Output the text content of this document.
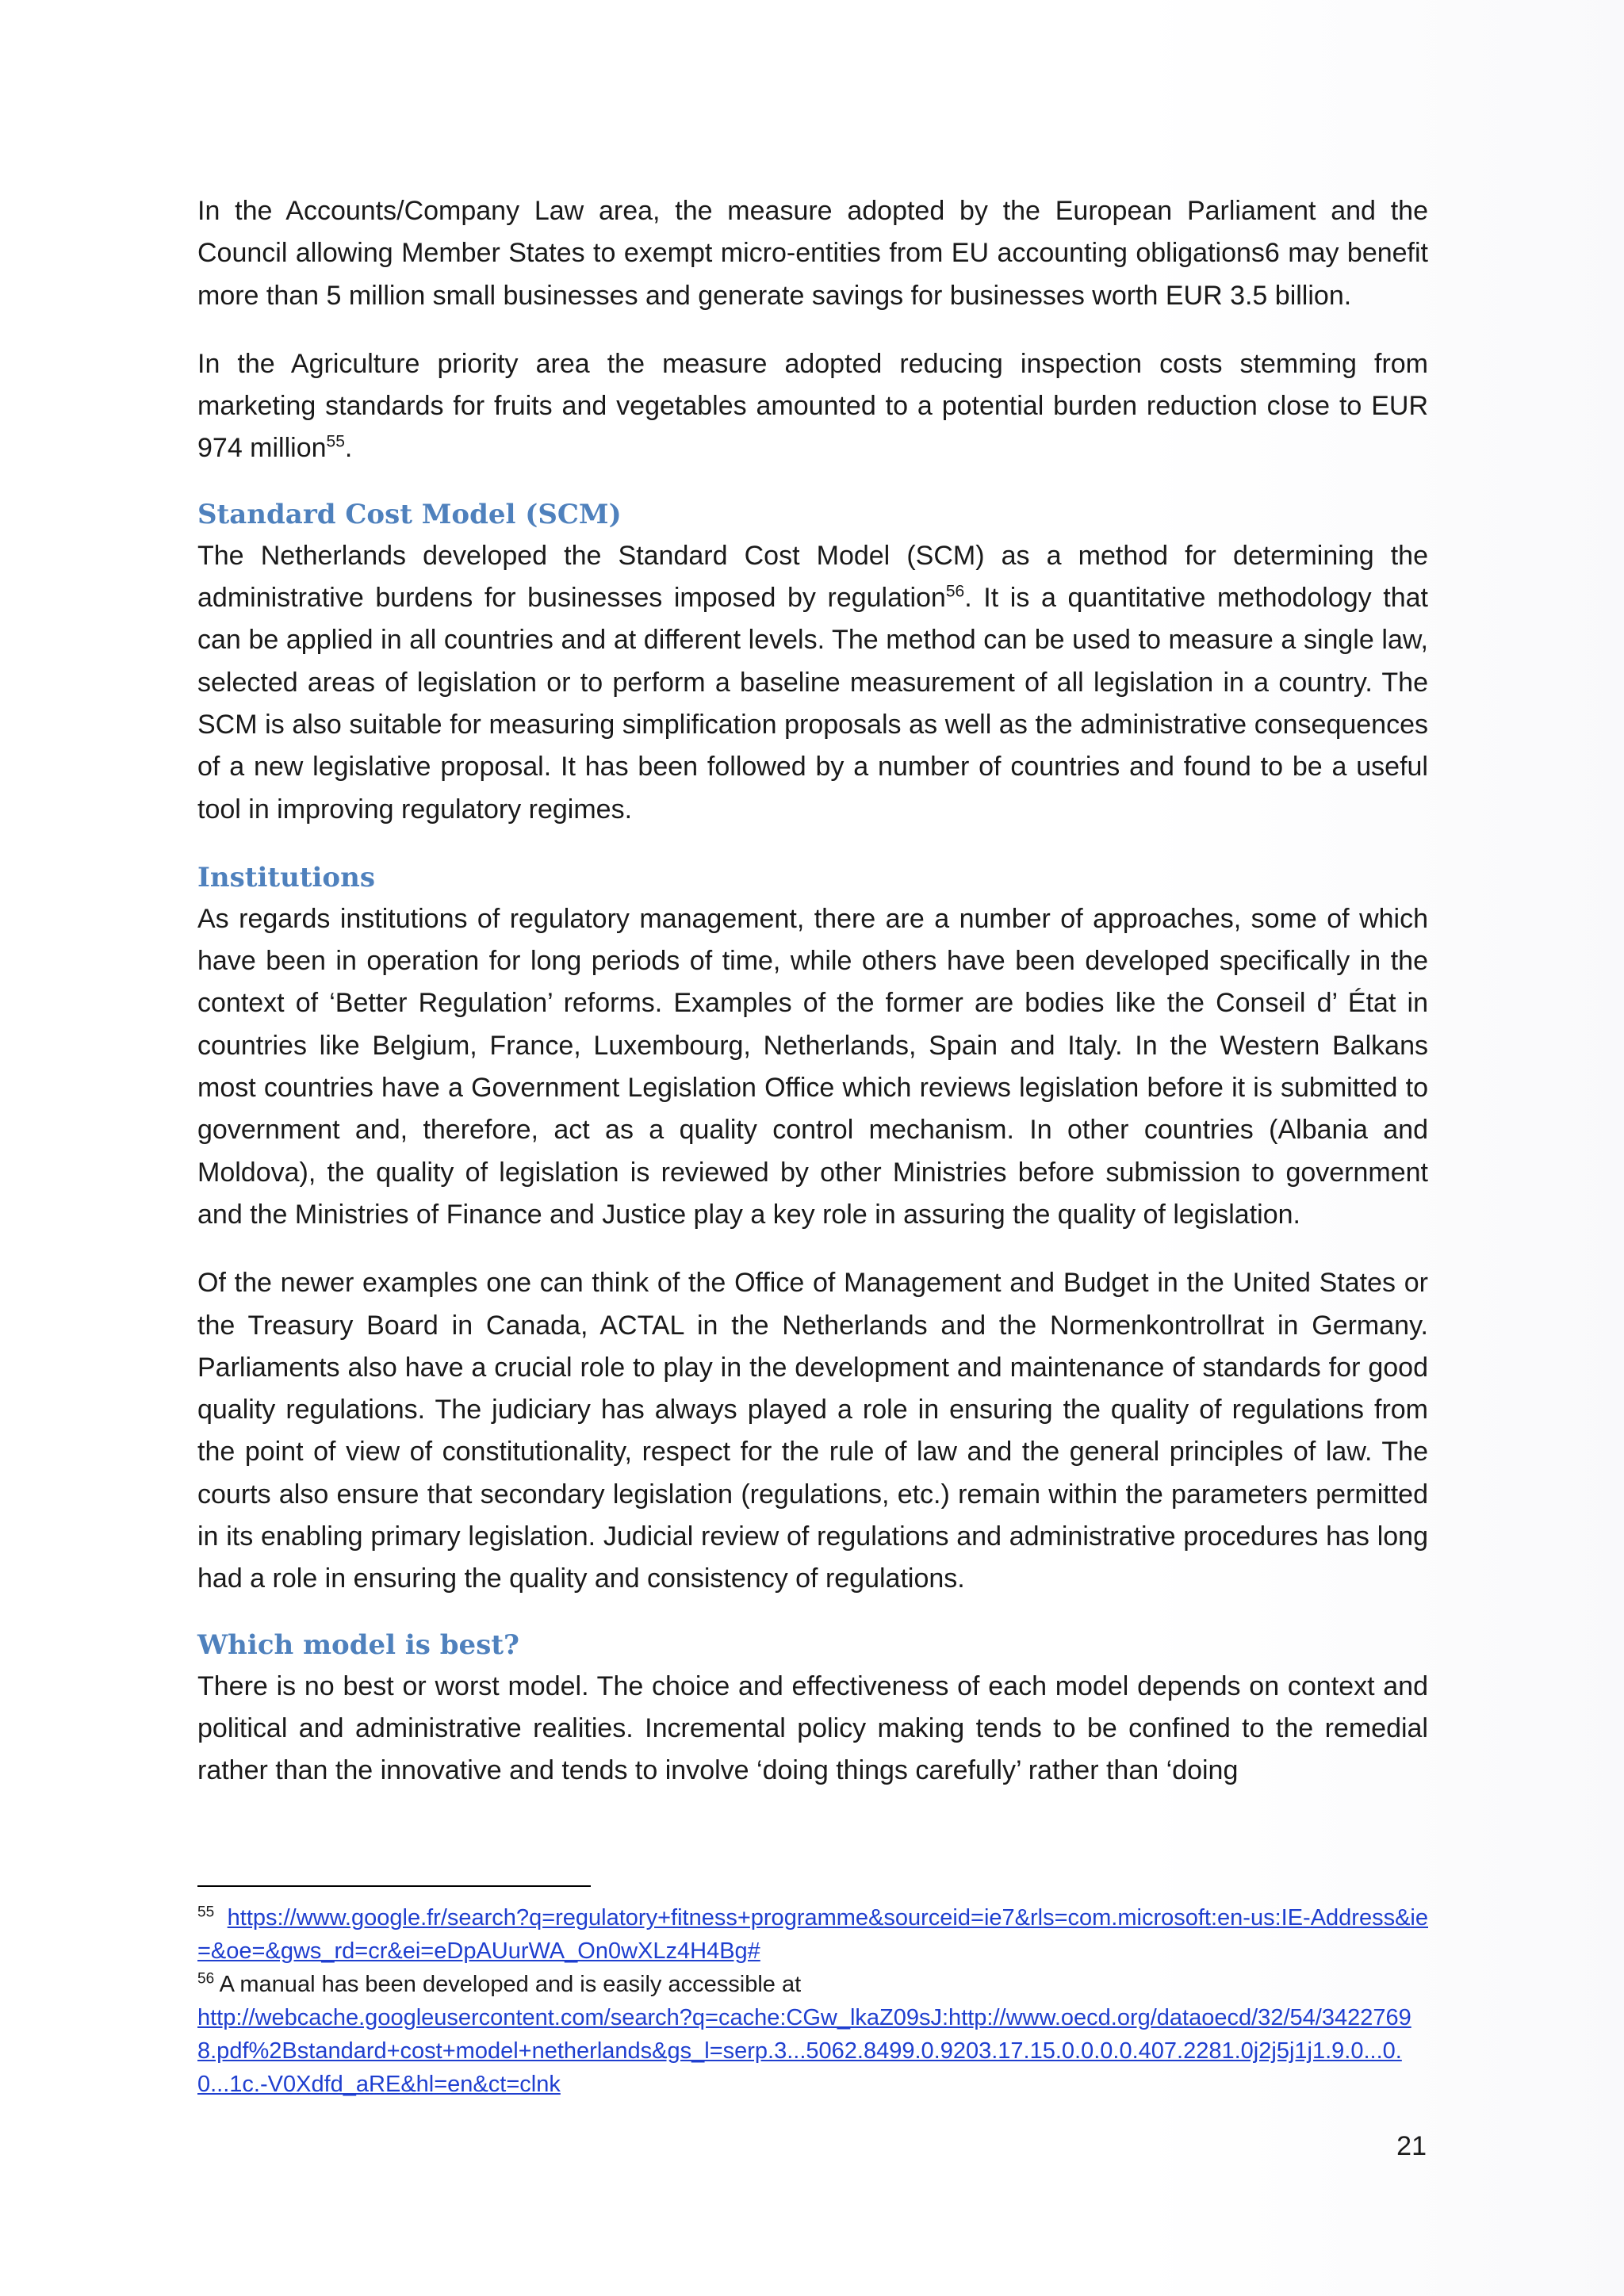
In the Accounts/Company Law area, the measure adopted by the European Parliament and the Council allowing Member States to exempt micro-entities from EU accounting obligations6 may benefit more than 5 million small businesses and generate savings for businesses worth EUR 3.5 billion.

In the Agriculture priority area the measure adopted reducing inspection costs stemming from marketing standards for fruits and vegetables amounted to a potential burden reduction close to EUR 974 million$^{55}$.

Standard Cost Model (SCM)

The Netherlands developed the Standard Cost Model (SCM) as a method for determining the administrative burdens for businesses imposed by regulation$^{56}$. It is a quantitative methodology that can be applied in all countries and at different levels. The method can be used to measure a single law, selected areas of legislation or to perform a baseline measurement of all legislation in a country. The SCM is also suitable for measuring simplification proposals as well as the administrative consequences of a new legislative proposal. It has been followed by a number of countries and found to be a useful tool in improving regulatory regimes.

Institutions

As regards institutions of regulatory management, there are a number of approaches, some of which have been in operation for long periods of time, while others have been developed specifically in the context of ‘Better Regulation’ reforms. Examples of the former are bodies like the Conseil d’ État in countries like Belgium, France, Luxembourg, Netherlands, Spain and Italy. In the Western Balkans most countries have a Government Legislation Office which reviews legislation before it is submitted to government and, therefore, act as a quality control mechanism. In other countries (Albania and Moldova), the quality of legislation is reviewed by other Ministries before submission to government and the Ministries of Finance and Justice play a key role in assuring the quality of legislation.

Of the newer examples one can think of the Office of Management and Budget in the United States or the Treasury Board in Canada, ACTAL in the Netherlands and the Normenkontrollrat in Germany. Parliaments also have a crucial role to play in the development and maintenance of standards for good quality regulations. The judiciary has always played a role in ensuring the quality of regulations from the point of view of constitutionality, respect for the rule of law and the general principles of law. The courts also ensure that secondary legislation (regulations, etc.) remain within the parameters permitted in its enabling primary legislation. Judicial review of regulations and administrative procedures has long had a role in ensuring the quality and consistency of regulations.

Which model is best?

There is no best or worst model. The choice and effectiveness of each model depends on context and political and administrative realities. Incremental policy making tends to be confined to the remedial rather than the innovative and tends to involve ‘doing things carefully’ rather than ‘doing

$^{55}$ https://www.google.fr/search?q=regulatory+fitness+programme&sourceid=ie7&rls=com.microsoft:en-us:IE-Address&ie=&oe=&gws_rd=cr&ei=eDpAUurWA_On0wXLz4H4Bg#

$^{56}$ A manual has been developed and is easily accessible at
http://webcache.googleusercontent.com/search?q=cache:CGw_lkaZ09sJ:http://www.oecd.org/dataoecd/32/54/34227698.pdf%2Bstandard+cost+model+netherlands&gs_l=serp.3...5062.8499.0.9203.17.15.0.0.0.0.407.2281.0j2j5j1j1.9.0...0.0...1c.-V0Xdfd_aRE&hl=en&ct=clnk

21
